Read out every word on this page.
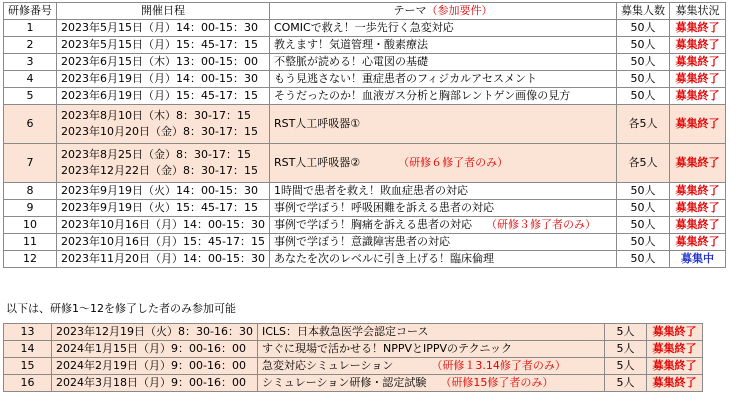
研修番号	開催日程	テーマ（参加要件）	募集人数	募集状況
1	2023年5月15日（月）14：00-15：30	COMICで救え！一歩先行く急変対応	50人	募集終了
2	2023年5月15日（月）15：45-17：15	教えます！気道管理・酸素療法	50人	募集終了
3	2023年6月15日（木）13：00-15：00	不整脈が読める！心電図の基礎	50人	募集終了
4	2023年6月19日（月）14：00-15：30	もう見逃さない！重症患者のフィジカルアセスメント	50人	募集終了
5	2023年6月19日（月）15：45-17：15	そうだったのか！血液ガス分析と胸部レントゲン画像の見方	50人	募集終了
6	2023年8月10日（木）8：30-17：15
2023年10月20日（金）8：30-17：15	RST人工呼吸器①	各5人	募集終了
7	2023年8月25日（金）8：30-17：15
2023年12月22日（金）8：30-17：15	RST人工呼吸器② （研修６修了者のみ）	各5人	募集終了
8	2023年9月19日（火）14：00-15：30	1時間で患者を救え！敗血症患者の対応	50人	募集終了
9	2023年9月19日（火）15：45-17：15	事例で学ぼう！呼吸困難を訴える患者の対応	50人	募集終了
10	2023年10月16日（月）14：00-15：30	事例で学ぼう！胸痛を訴える患者の対応 （研修３修了者のみ）	50人	募集終了
11	2023年10月16日（月）15：45-17：15	事例で学ぼう！意識障害患者の対応	50人	募集終了
12	2023年11月20日（月）14：00-15：30	あなたを次のレベルに引き上げる！臨床倫理	50人	募集中
以下は、研修1～12を修了した者のみ参加可能
13	2023年12月19日（火）8：30-16：30	ICLS：日本救急医学会認定コース	5人	募集終了
14	2024年1月15日（月）9：00-16：00	すぐに現場で活かせる！NPPVとIPPVのテクニック	5人	募集終了
15	2024年2月19日（月）9：00-16：00	急変対応シミュレーション （研修１3.14修了者のみ）	5人	募集終了
16	2024年3月18日（月）9：00-16：00	シミュレーション研修・認定試験 （研修15修了者のみ）	5人	募集終了
